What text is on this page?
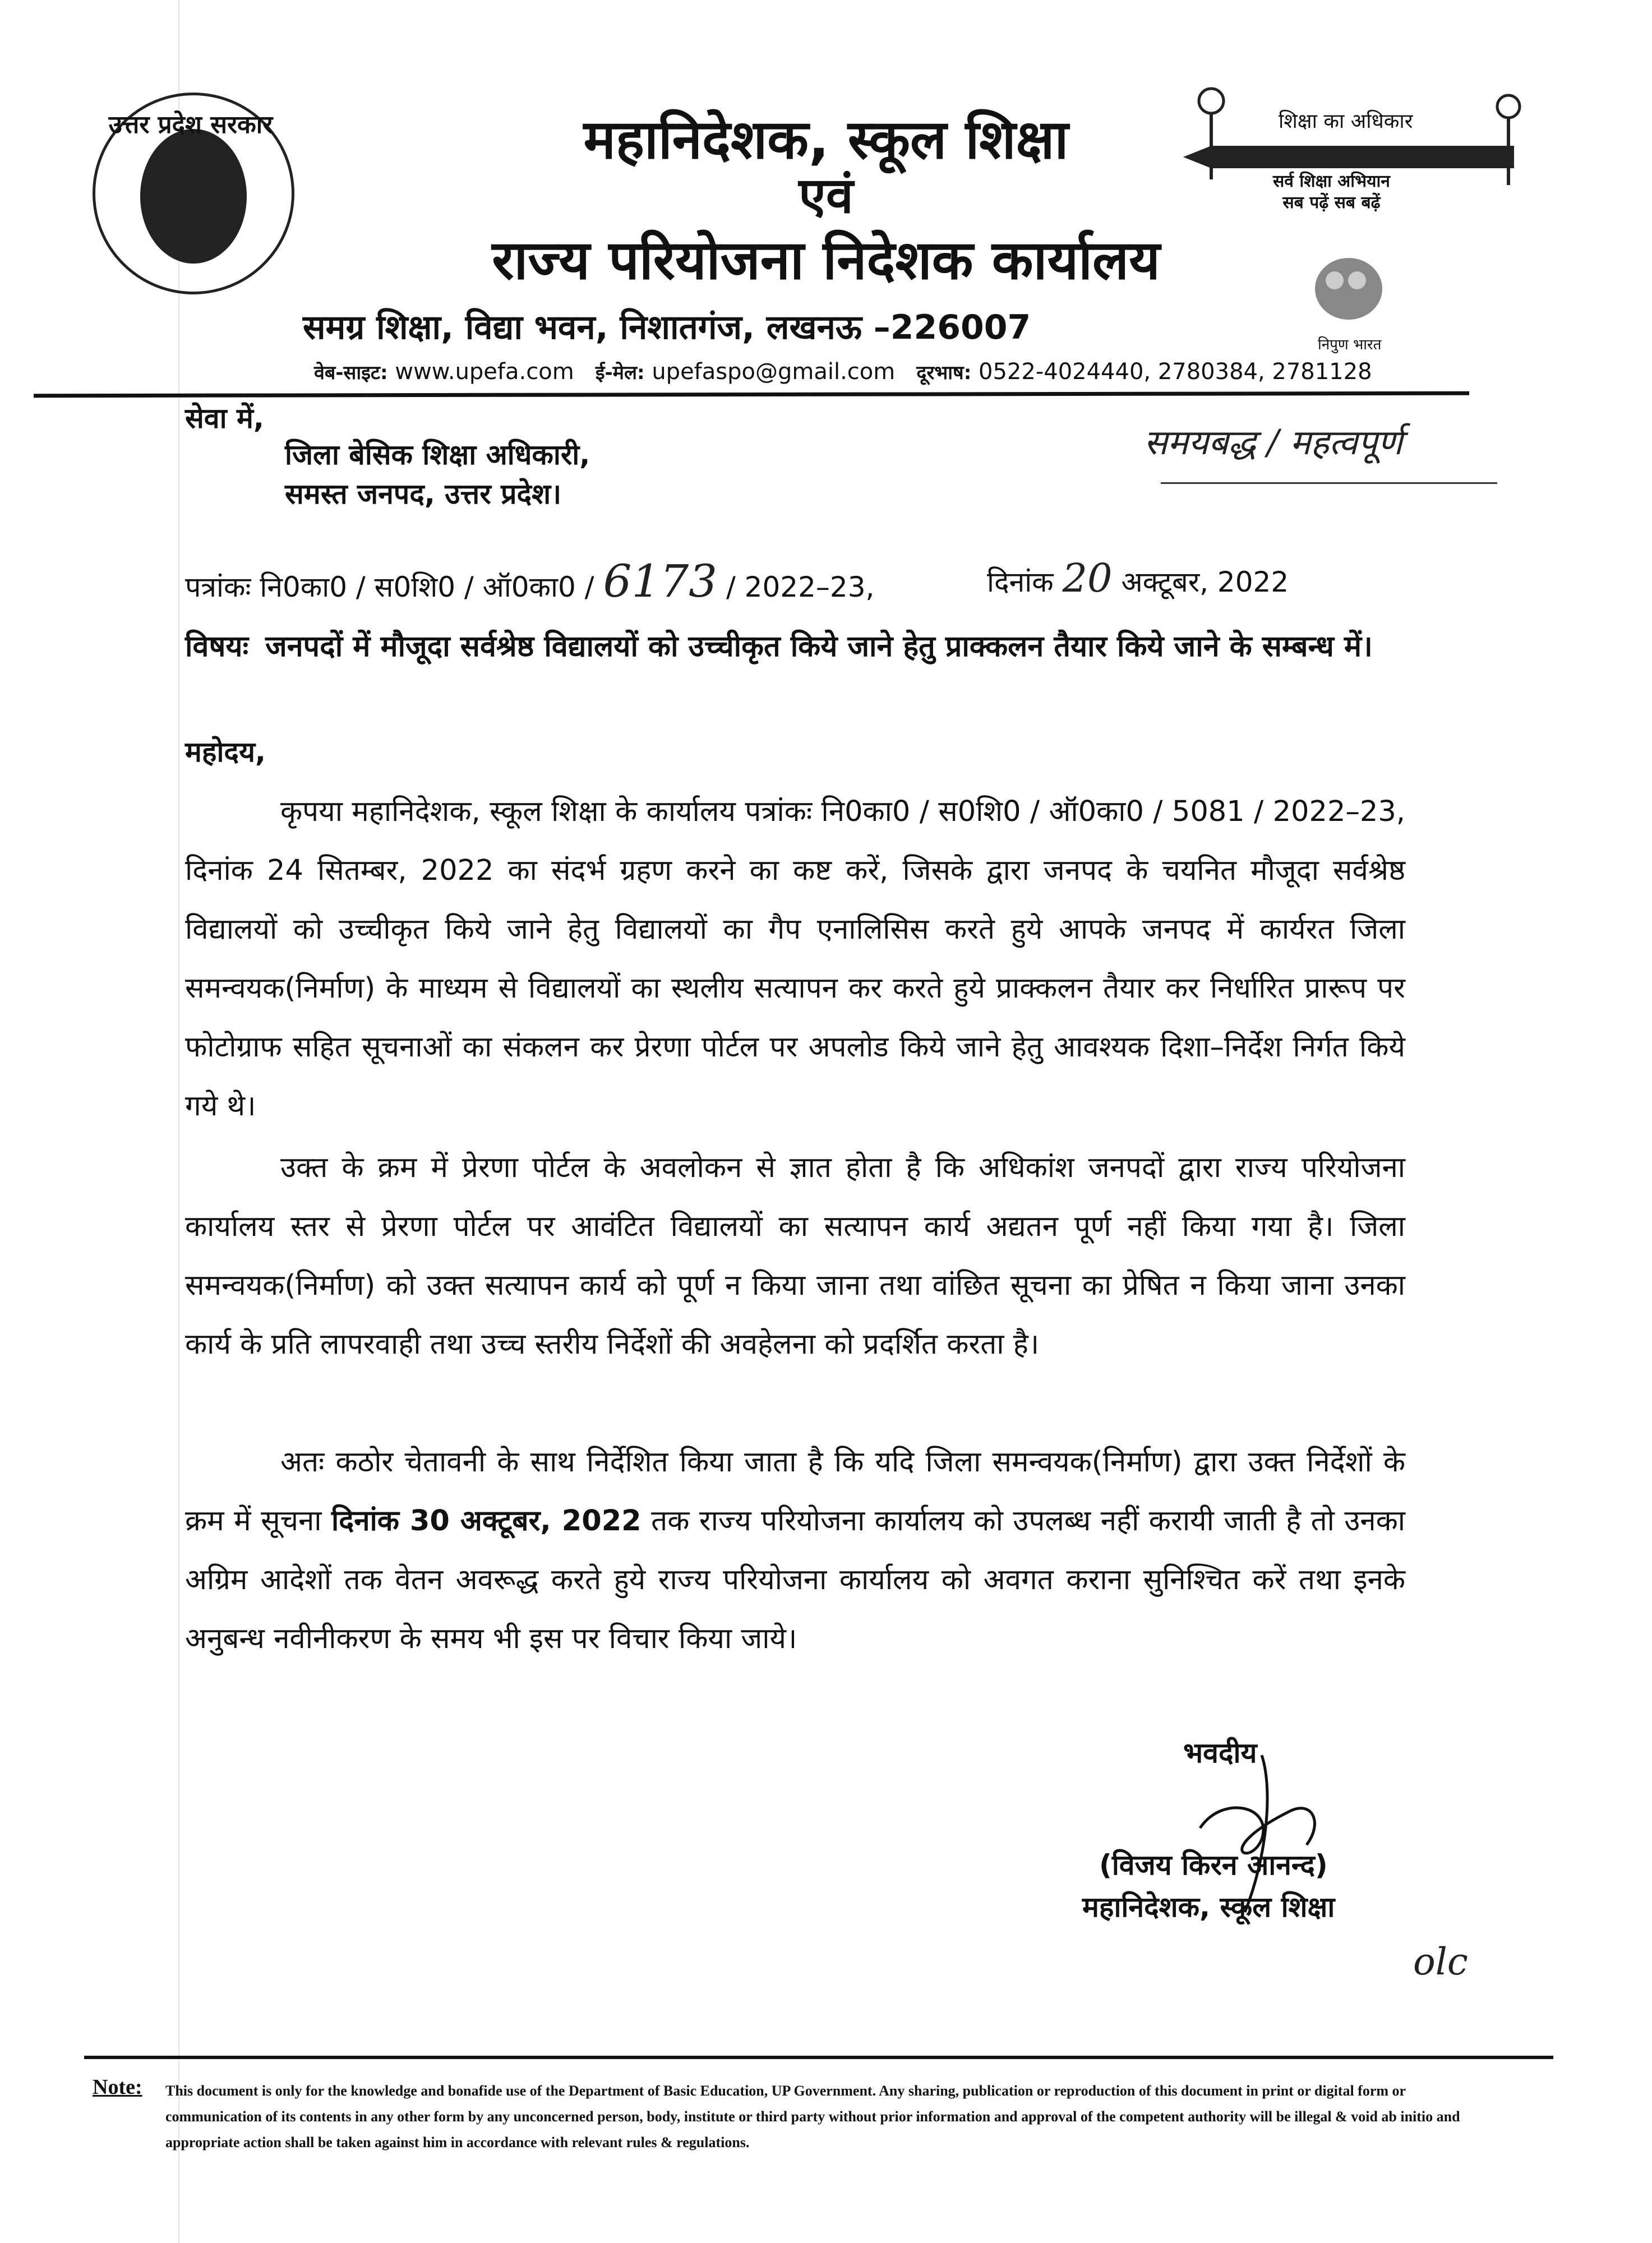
उत्तर प्रदेश सरकार	महानिदेशक, स्कूल शिक्षा
एवं
राज्य परियोजना निदेशक कार्यालय
समग्र शिक्षा, विद्या भवन, निशातगंज, लखनऊ –226007
वेब-साइट: www.upefa.com ई-मेल: upefaspo@gmail.com दूरभाष: 0522-4024440, 2780384, 2781128
शिक्षा का अधिकार
सर्व शिक्षा अभियान
सब पढ़ें सब बढ़ें
निपुण भारत
सेवा में,
जिला बेसिक शिक्षा अधिकारी,
समस्त जनपद, उत्तर प्रदेश।
समयबद्ध / महत्वपूर्ण
पत्रांकः नि0का0 / स0शि0 / ऑ0का0 / 6173 / 2022–23,	दिनांक 20 अक्टूबर, 2022
विषयः जनपदों में मौजूदा सर्वश्रेष्ठ विद्यालयों को उच्चीकृत किये जाने हेतु प्राक्कलन तैयार किये जाने के सम्बन्ध में।
महोदय,
कृपया महानिदेशक, स्कूल शिक्षा के कार्यालय पत्रांकः नि0का0 / स0शि0 / ऑ0का0 / 5081 / 2022–23, दिनांक 24 सितम्बर, 2022 का संदर्भ ग्रहण करने का कष्ट करें, जिसके द्वारा जनपद के चयनित मौजूदा सर्वश्रेष्ठ विद्यालयों को उच्चीकृत किये जाने हेतु विद्यालयों का गैप एनालिसिस करते हुये आपके जनपद में कार्यरत जिला समन्वयक(निर्माण) के माध्यम से विद्यालयों का स्थलीय सत्यापन कर करते हुये प्राक्कलन तैयार कर निर्धारित प्रारूप पर फोटोग्राफ सहित सूचनाओं का संकलन कर प्रेरणा पोर्टल पर अपलोड किये जाने हेतु आवश्यक दिशा–निर्देश निर्गत किये गये थे।
उक्त के क्रम में प्रेरणा पोर्टल के अवलोकन से ज्ञात होता है कि अधिकांश जनपदों द्वारा राज्य परियोजना कार्यालय स्तर से प्रेरणा पोर्टल पर आवंटित विद्यालयों का सत्यापन कार्य अद्यतन पूर्ण नहीं किया गया है। जिला समन्वयक(निर्माण) को उक्त सत्यापन कार्य को पूर्ण न किया जाना तथा वांछित सूचना का प्रेषित न किया जाना उनका कार्य के प्रति लापरवाही तथा उच्च स्तरीय निर्देशों की अवहेलना को प्रदर्शित करता है।
अतः कठोर चेतावनी के साथ निर्देशित किया जाता है कि यदि जिला समन्वयक(निर्माण) द्वारा उक्त निर्देशों के क्रम में सूचना दिनांक 30 अक्टूबर, 2022 तक राज्य परियोजना कार्यालय को उपलब्ध नहीं करायी जाती है तो उनका अग्रिम आदेशों तक वेतन अवरूद्ध करते हुये राज्य परियोजना कार्यालय को अवगत कराना सुनिश्चित करें तथा इनके अनुबन्ध नवीनीकरण के समय भी इस पर विचार किया जाये।
भवदीय
(विजय किरन आनन्द)
महानिदेशक, स्कूल शिक्षा
olc
Note: This document is only for the knowledge and bonafide use of the Department of Basic Education, UP Government. Any sharing, publication or reproduction of this document in print or digital form or communication of its contents in any other form by any unconcerned person, body, institute or third party without prior information and approval of the competent authority will be illegal & void ab initio and appropriate action shall be taken against him in accordance with relevant rules & regulations.
